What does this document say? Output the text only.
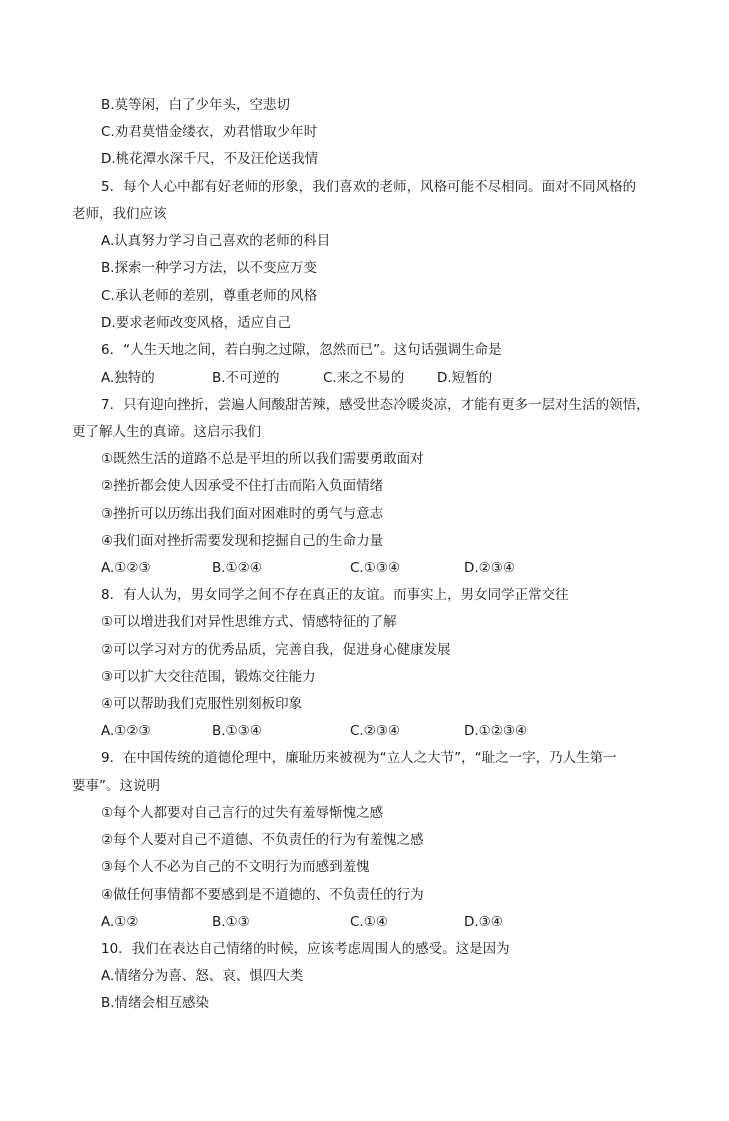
B.莫等闲，白了少年头，空悲切
C.劝君莫惜金缕衣，劝君惜取少年时
D.桃花潭水深千尺，不及汪伦送我情
5．每个人心中都有好老师的形象，我们喜欢的老师，风格可能不尽相同。面对不同风格的
老师，我们应该
A.认真努力学习自己喜欢的老师的科目
B.探索一种学习方法，以不变应万变
C.承认老师的差别，尊重老师的风格
D.要求老师改变风格，适应自己
6．“人生天地之间，若白驹之过隙，忽然而已”。这句话强调生命是
A.独特的	B.不可逆的	C.来之不易的 D.短暂的
7．只有迎向挫折，尝遍人间酸甜苦辣，感受世态冷暖炎凉，才能有更多一层对生活的领悟，
更了解人生的真谛。这启示我们
①既然生活的道路不总是平坦的所以我们需要勇敢面对
②挫折都会使人因承受不住打击而陷入负面情绪
③挫折可以历练出我们面对困难时的勇气与意志
④我们面对挫折需要发现和挖掘自己的生命力量
A.①②③	B.①②④	C.①③④	D.②③④
8．有人认为，男女同学之间不存在真正的友谊。而事实上，男女同学正常交往
①可以增进我们对异性思维方式、情感特征的了解
②可以学习对方的优秀品质，完善自我，促进身心健康发展
③可以扩大交往范围，锻炼交往能力
④可以帮助我们克服性别刻板印象
A.①②③	B.①③④	C.②③④	D.①②③④
9．在中国传统的道德伦理中，廉耻历来被视为“立人之大节”，“耻之一字，乃人生第一
要事”。这说明
①每个人都要对自己言行的过失有羞辱惭愧之感
②每个人要对自己不道德、不负责任的行为有羞愧之感
③每个人不必为自己的不文明行为而感到羞愧
④做任何事情都不要感到是不道德的、不负责任的行为
A.①②	B.①③	C.①④	D.③④
10．我们在表达自己情绪的时候，应该考虑周围人的感受。这是因为
A.情绪分为喜、怒、哀、惧四大类
B.情绪会相互感染
